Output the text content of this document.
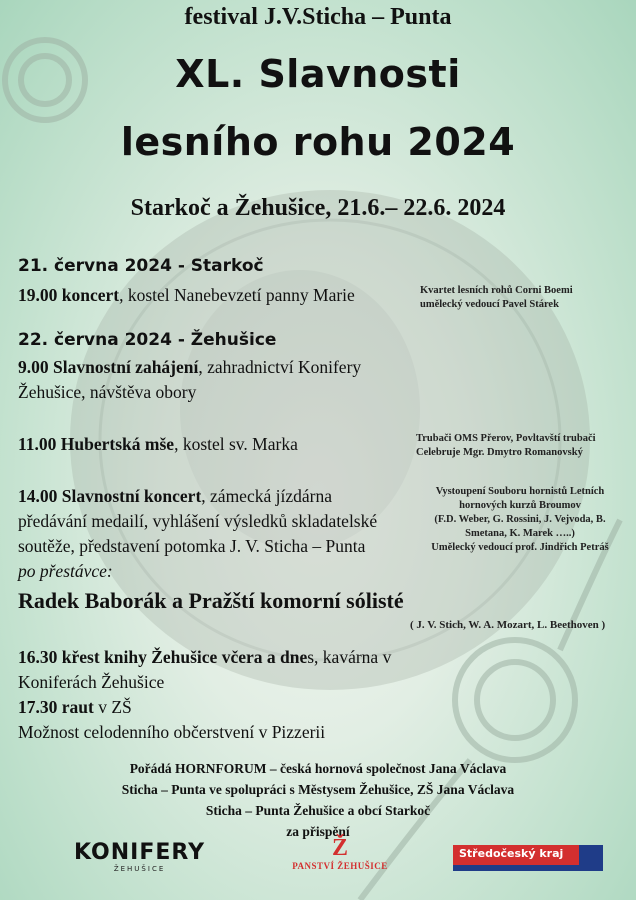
festival J.V.Sticha – Punta
XL. Slavnosti
lesního rohu 2024
Starkoč a Žehušice, 21.6.– 22.6. 2024
21. června 2024 - Starkoč
19.00 koncert, kostel Nanebevzetí panny Marie	Kvartet lesních rohů Corni Boemi
umělecký vedoucí Pavel Stárek
22. června 2024 - Žehušice
9.00 Slavnostní zahájení, zahradnictví Konifery
Žehušice, návštěva obory
11.00 Hubertská mše, kostel sv. Marka	Trubači OMS Přerov, Povltavští trubači
Celebruje Mgr. Dmytro Romanovský
14.00 Slavnostní koncert, zámecká jízdárna
předávání medailí, vyhlášení výsledků skladatelské
soutěže, představení potomka J. V. Sticha – Punta
po přestávce:
Vystoupení Souboru hornistů Letních
hornových kurzů Broumov
(F.D. Weber, G. Rossini, J. Vejvoda, B.
Smetana, K. Marek …..)
Umělecký vedoucí prof. Jindřich Petráš
Radek Baborák a Pražští komorní sólisté
( J. V. Stich, W. A. Mozart, L. Beethoven )
16.30 křest knihy Žehušice včera a dnes, kavárna v
Koniferách Žehušice
17.30 raut v ZŠ
Možnost celodenního občerstvení v Pizzerii
Pořádá HORNFORUM – česká hornová společnost Jana Václava
Sticha – Punta ve spolupráci s Městysem Žehušice, ZŠ Jana Václava
Sticha – Punta Žehušice a obcí Starkoč
za přispění
KONIFERY
ŽEHUŠICE
Ž
PANSTVÍ ŽEHUŠICE
Středočeský kraj
